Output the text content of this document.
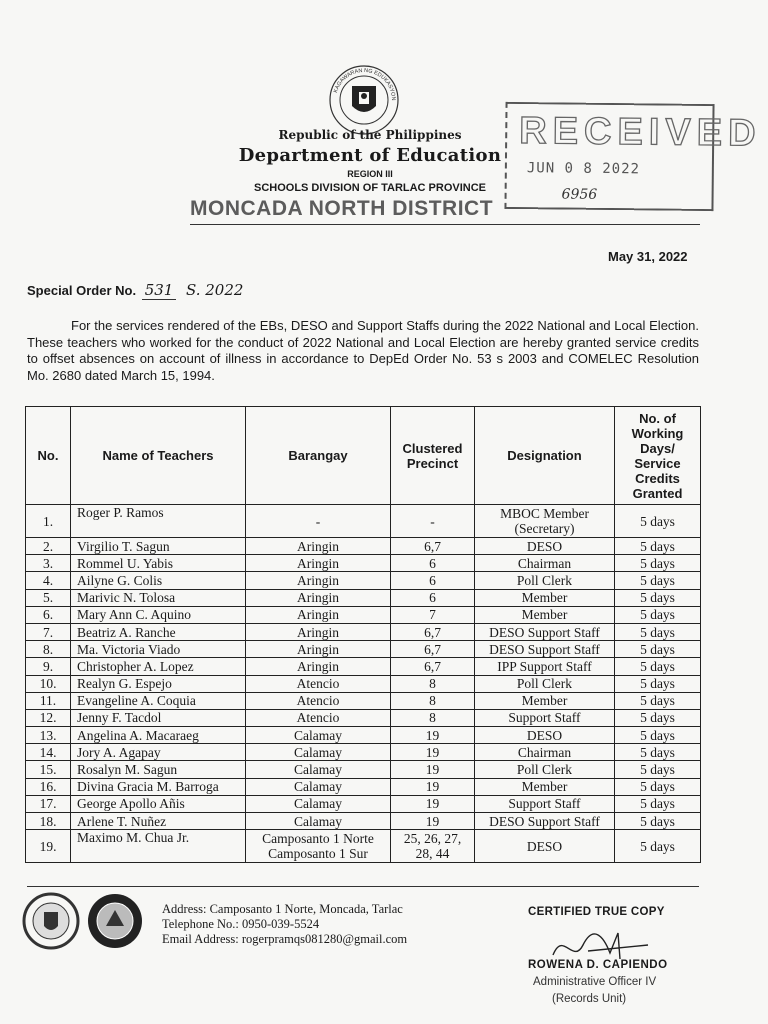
KAGAWARAN NG EDUKASYON
Republic of the Philippines
Department of Education
REGION III
SCHOOLS DIVISION OF TARLAC PROVINCE
MONCADA NORTH DISTRICT
RECEIVED
JUN 0 8 2022
6956
May 31, 2022
Special Order No. 531 S. 2022
For the services rendered of the EBs, DESO and Support Staffs during the 2022 National and Local Election. These teachers who worked for the conduct of 2022 National and Local Election are hereby granted service credits to offset absences on account of illness in accordance to DepEd Order No. 53 s 2003 and COMELEC Resolution Mo. 2680 dated March 15, 1994.
No.	Name of Teachers	Barangay	Clustered Precinct	Designation	No. of Working Days/ Service Credits Granted
1.	Roger P. Ramos	-	-	MBOC Member (Secretary)	5 days
2.	Virgilio T. Sagun	Aringin	6,7	DESO	5 days
3.	Rommel U. Yabis	Aringin	6	Chairman	5 days
4.	Ailyne G. Colis	Aringin	6	Poll Clerk	5 days
5.	Marivic N. Tolosa	Aringin	6	Member	5 days
6.	Mary Ann C. Aquino	Aringin	7	Member	5 days
7.	Beatriz A. Ranche	Aringin	6,7	DESO Support Staff	5 days
8.	Ma. Victoria Viado	Aringin	6,7	DESO Support Staff	5 days
9.	Christopher A. Lopez	Aringin	6,7	IPP Support Staff	5 days
10.	Realyn G. Espejo	Atencio	8	Poll Clerk	5 days
11.	Evangeline A. Coquia	Atencio	8	Member	5 days
12.	Jenny F. Tacdol	Atencio	8	Support Staff	5 days
13.	Angelina A. Macaraeg	Calamay	19	DESO	5 days
14.	Jory A. Agapay	Calamay	19	Chairman	5 days
15.	Rosalyn M. Sagun	Calamay	19	Poll Clerk	5 days
16.	Divina Gracia M. Barroga	Calamay	19	Member	5 days
17.	George Apollo Añis	Calamay	19	Support Staff	5 days
18.	Arlene T. Nuñez	Calamay	19	DESO Support Staff	5 days
19.	Maximo M. Chua Jr.	Camposanto 1 Norte Camposanto 1 Sur	25, 26, 27, 28, 44	DESO	5 days
Address: Camposanto 1 Norte, Moncada, Tarlac
Telephone No.: 0950-039-5524
Email Address: rogerpramqs081280@gmail.com
CERTIFIED TRUE COPY
ROWENA D. CAPIENDO
Administrative Officer IV
(Records Unit)
